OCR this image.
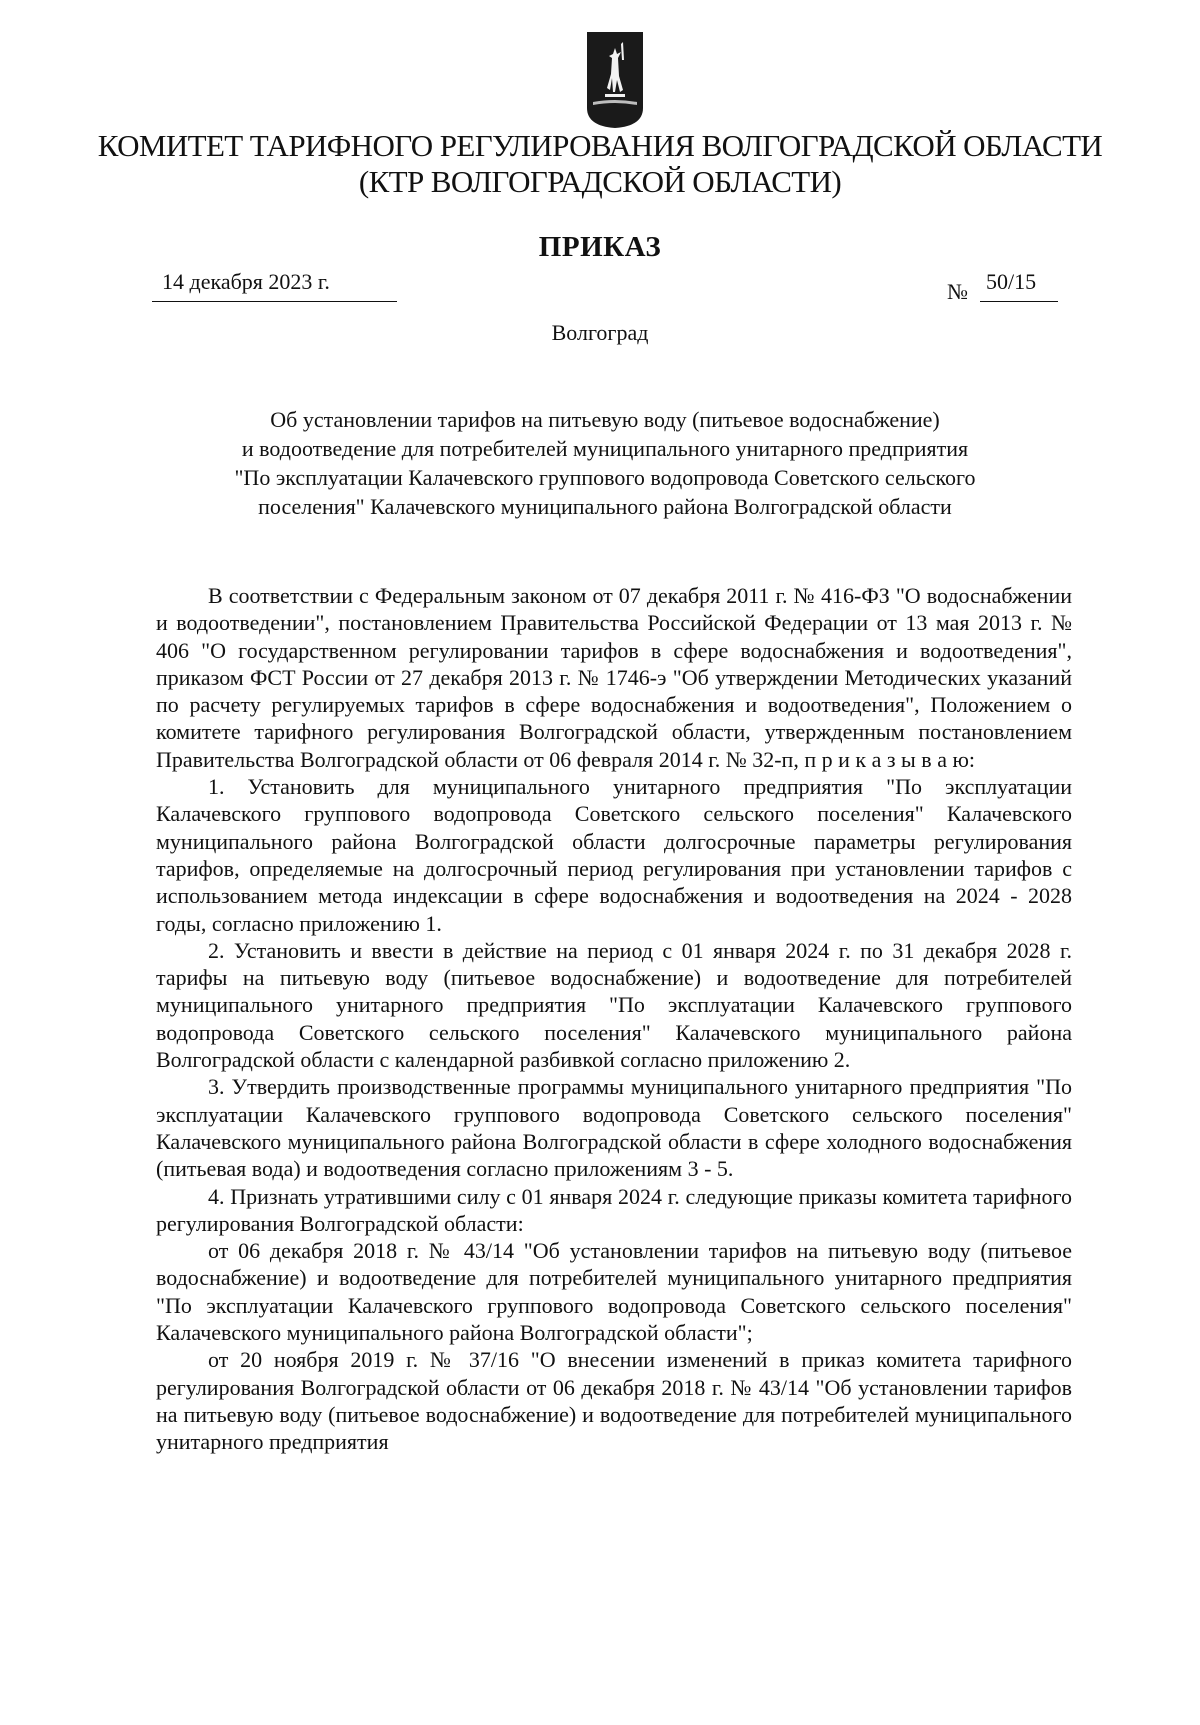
КОМИТЕТ ТАРИФНОГО РЕГУЛИРОВАНИЯ ВОЛГОГРАДСКОЙ ОБЛАСТИ
(КТР ВОЛГОГРАДСКОЙ ОБЛАСТИ)
ПРИКАЗ
14 декабря 2023 г.	№ 50/15
Волгоград
Об установлении тарифов на питьевую воду (питьевое водоснабжение)
и водоотведение для потребителей муниципального унитарного предприятия
"По эксплуатации Калачевского группового водопровода Советского сельского
поселения" Калачевского муниципального района Волгоградской области

В соответствии с Федеральным законом от 07 декабря 2011 г. № 416-ФЗ "О водоснабжении и водоотведении", постановлением Правительства Российской Федерации от 13 мая 2013 г. № 406 "О государственном регулировании тарифов в сфере водоснабжения и водоотведения", приказом ФСТ России от 27 декабря 2013 г. № 1746-э "Об утверждении Методических указаний по расчету регулируемых тарифов в сфере водоснабжения и водоотведения", Положением о комитете тарифного регулирования Волгоградской области, утвержденным постановлением Правительства Волгоградской области от 06 февраля 2014 г. № 32-п, п р и к а з ы в а ю:

1. Установить для муниципального унитарного предприятия "По эксплуатации Калачевского группового водопровода Советского сельского поселения" Калачевского муниципального района Волгоградской области долгосрочные параметры регулирования тарифов, определяемые на долгосрочный период регулирования при установлении тарифов с использованием метода индексации в сфере водоснабжения и водоотведения на 2024 - 2028 годы, согласно приложению 1.

2. Установить и ввести в действие на период с 01 января 2024 г. по 31 декабря 2028 г. тарифы на питьевую воду (питьевое водоснабжение) и водоотведение для потребителей муниципального унитарного предприятия "По эксплуатации Калачевского группового водопровода Советского сельского поселения" Калачевского муниципального района Волгоградской области с календарной разбивкой согласно приложению 2.

3. Утвердить производственные программы муниципального унитарного предприятия "По эксплуатации Калачевского группового водопровода Советского сельского поселения" Калачевского муниципального района Волгоградской области в сфере холодного водоснабжения (питьевая вода) и водоотведения согласно приложениям 3 - 5.

4. Признать утратившими силу с 01 января 2024 г. следующие приказы комитета тарифного регулирования Волгоградской области:

от 06 декабря 2018 г. № 43/14 "Об установлении тарифов на питьевую воду (питьевое водоснабжение) и водоотведение для потребителей муниципального унитарного предприятия "По эксплуатации Калачевского группового водопровода Советского сельского поселения" Калачевского муниципального района Волгоградской области";

от 20 ноября 2019 г. № 37/16 "О внесении изменений в приказ комитета тарифного регулирования Волгоградской области от 06 декабря 2018 г. № 43/14 "Об установлении тарифов на питьевую воду (питьевое водоснабжение) и водоотведение для потребителей муниципального унитарного предприятия
